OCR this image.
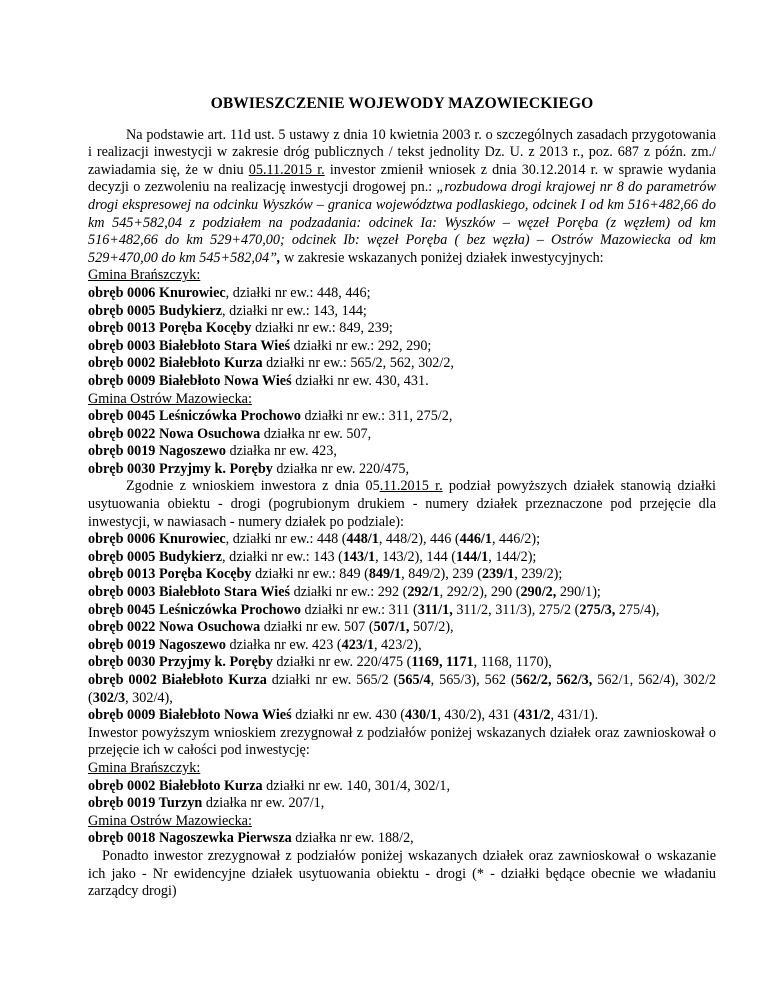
OBWIESZCZENIE WOJEWODY MAZOWIECKIEGO

Na podstawie art. 11d ust. 5 ustawy z dnia 10 kwietnia 2003 r. o szczególnych zasadach przygotowania i realizacji inwestycji w zakresie dróg publicznych / tekst jednolity Dz. U. z 2013 r., poz. 687 z późn. zm./ zawiadamia się, że w dniu 05.11.2015 r. investor zmienił wniosek z dnia 30.12.2014 r. w sprawie wydania decyzji o zezwoleniu na realizację inwestycji drogowej pn.: „rozbudowa drogi krajowej nr 8 do parametrów drogi ekspresowej na odcinku Wyszków – granica województwa podlaskiego, odcinek I od km 516+482,66 do km 545+582,04 z podziałem na podzadania: odcinek Ia: Wyszków – węzeł Poręba (z węzłem) od km 516+482,66 do km 529+470,00; odcinek Ib: węzeł Poręba ( bez węzła) – Ostrów Mazowiecka od km 529+470,00 do km 545+582,04”, w zakresie wskazanych poniżej działek inwestycyjnych:

Gmina Brańszczyk:

obręb 0006 Knurowiec, działki nr ew.: 448, 446;

obręb 0005 Budykierz, działki nr ew.: 143, 144;

obręb 0013 Poręba Kocęby działki nr ew.: 849, 239;

obręb 0003 Białebłoto Stara Wieś działki nr ew.: 292, 290;

obręb 0002 Białebłoto Kurza działki nr ew.: 565/2, 562, 302/2,

obręb 0009 Białebłoto Nowa Wieś działki nr ew. 430, 431.

Gmina Ostrów Mazowiecka:

obręb 0045 Leśniczówka Prochowo działki nr ew.: 311, 275/2,

obręb 0022 Nowa Osuchowa działka nr ew. 507,

obręb 0019 Nagoszewo działka nr ew. 423,

obręb 0030 Przyjmy k. Poręby działka nr ew. 220/475,

Zgodnie z wnioskiem inwestora z dnia 05.11.2015 r. podział powyższych działek stanowią działki usytuowania obiektu - drogi (pogrubionym drukiem - numery działek przeznaczone pod przejęcie dla inwestycji, w nawiasach - numery działek po podziale):

obręb 0006 Knurowiec, działki nr ew.: 448 (448/1, 448/2), 446 (446/1, 446/2);

obręb 0005 Budykierz, działki nr ew.: 143 (143/1, 143/2), 144 (144/1, 144/2);

obręb 0013 Poręba Kocęby działki nr ew.: 849 (849/1, 849/2), 239 (239/1, 239/2);

obręb 0003 Białebłoto Stara Wieś działki nr ew.: 292 (292/1, 292/2), 290 (290/2, 290/1);

obręb 0045 Leśniczówka Prochowo działki nr ew.: 311 (311/1, 311/2, 311/3), 275/2 (275/3, 275/4),

obręb 0022 Nowa Osuchowa działki nr ew. 507 (507/1, 507/2),

obręb 0019 Nagoszewo działka nr ew. 423 (423/1, 423/2),

obręb 0030 Przyjmy k. Poręby działki nr ew. 220/475 (1169, 1171, 1168, 1170),

obręb 0002 Białebłoto Kurza działki nr ew. 565/2 (565/4, 565/3), 562 (562/2, 562/3, 562/1, 562/4), 302/2 (302/3, 302/4),

obręb 0009 Białebłoto Nowa Wieś działki nr ew. 430 (430/1, 430/2), 431 (431/2, 431/1).

Inwestor powyższym wnioskiem zrezygnował z podziałów poniżej wskazanych działek oraz zawnioskował o przejęcie ich w całości pod inwestycję:

Gmina Brańszczyk:

obręb 0002 Białebłoto Kurza działki nr ew. 140, 301/4, 302/1,

obręb 0019 Turzyn działka nr ew. 207/1,

Gmina Ostrów Mazowiecka:

obręb 0018 Nagoszewka Pierwsza działka nr ew. 188/2,

Ponadto inwestor zrezygnował z podziałów poniżej wskazanych działek oraz zawnioskował o wskazanie ich jako - Nr ewidencyjne działek usytuowania obiektu - drogi (* - działki będące obecnie we władaniu zarządcy drogi)
